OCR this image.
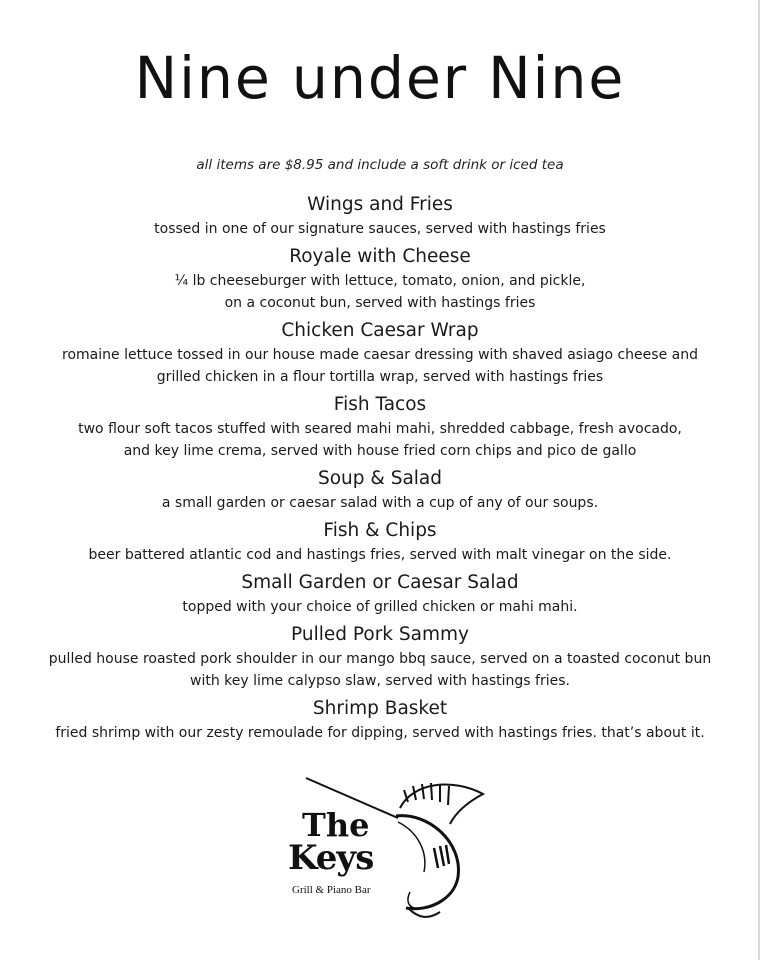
Nine under Nine
all items are $8.95 and include a soft drink or iced tea
Wings and Fries
tossed in one of our signature sauces, served with hastings fries
Royale with Cheese
¼ lb cheeseburger with lettuce, tomato, onion, and pickle,
on a coconut bun, served with hastings fries
Chicken Caesar Wrap
romaine lettuce tossed in our house made caesar dressing with shaved asiago cheese and
grilled chicken in a flour tortilla wrap, served with hastings fries
Fish Tacos
two flour soft tacos stuffed with seared mahi mahi, shredded cabbage, fresh avocado,
and key lime crema, served with house fried corn chips and pico de gallo
Soup & Salad
a small garden or caesar salad with a cup of any of our soups.
Fish & Chips
beer battered atlantic cod and hastings fries, served with malt vinegar on the side.
Small Garden or Caesar Salad
topped with your choice of grilled chicken or mahi mahi.
Pulled Pork Sammy
pulled house roasted pork shoulder in our mango bbq sauce, served on a toasted coconut bun
with key lime calypso slaw, served with hastings fries.
Shrimp Basket
fried shrimp with our zesty remoulade for dipping, served with hastings fries. that’s about it.
The
Keys
Grill & Piano Bar
